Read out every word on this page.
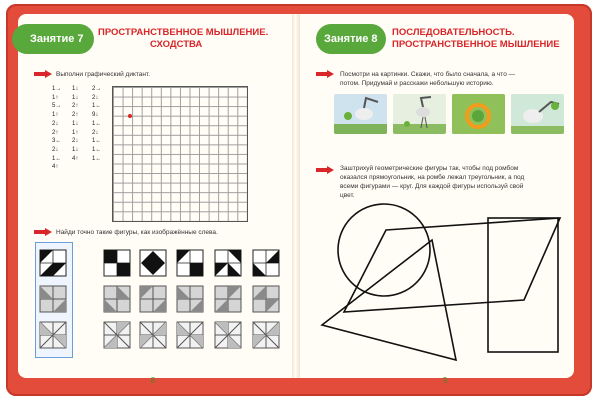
Занятие 7
ПРОСТРАНСТВЕННОЕ МЫШЛЕНИЕ.
СХОДСТВА
Выполни графический диктант.
1→	1↓	2→
1↑	1↓	2↓
5→	2↑	1←
1↑	2↑	9↓
2↓	1↓	1←
2↑	1↑	2↓
3←	2↓	1←
2↓	1↓	1←
1←	4↑	1←
4↑
Найди точно такие фигуры, как изображённые слева.
8
Занятие 8
ПОСЛЕДОВАТЕЛЬНОСТЬ.
ПРОСТРАНСТВЕННОЕ МЫШЛЕНИЕ
Посмотри на картинки. Скажи, что было сначала, а что —
потом. Придумай и расскажи небольшую историю.
Заштрихуй геометрические фигуры так, чтобы под ромбом
оказался прямоугольник, на ромбе лежал треугольник, а под
всеми фигурами — круг. Для каждой фигуры используй свой
цвет.
9
